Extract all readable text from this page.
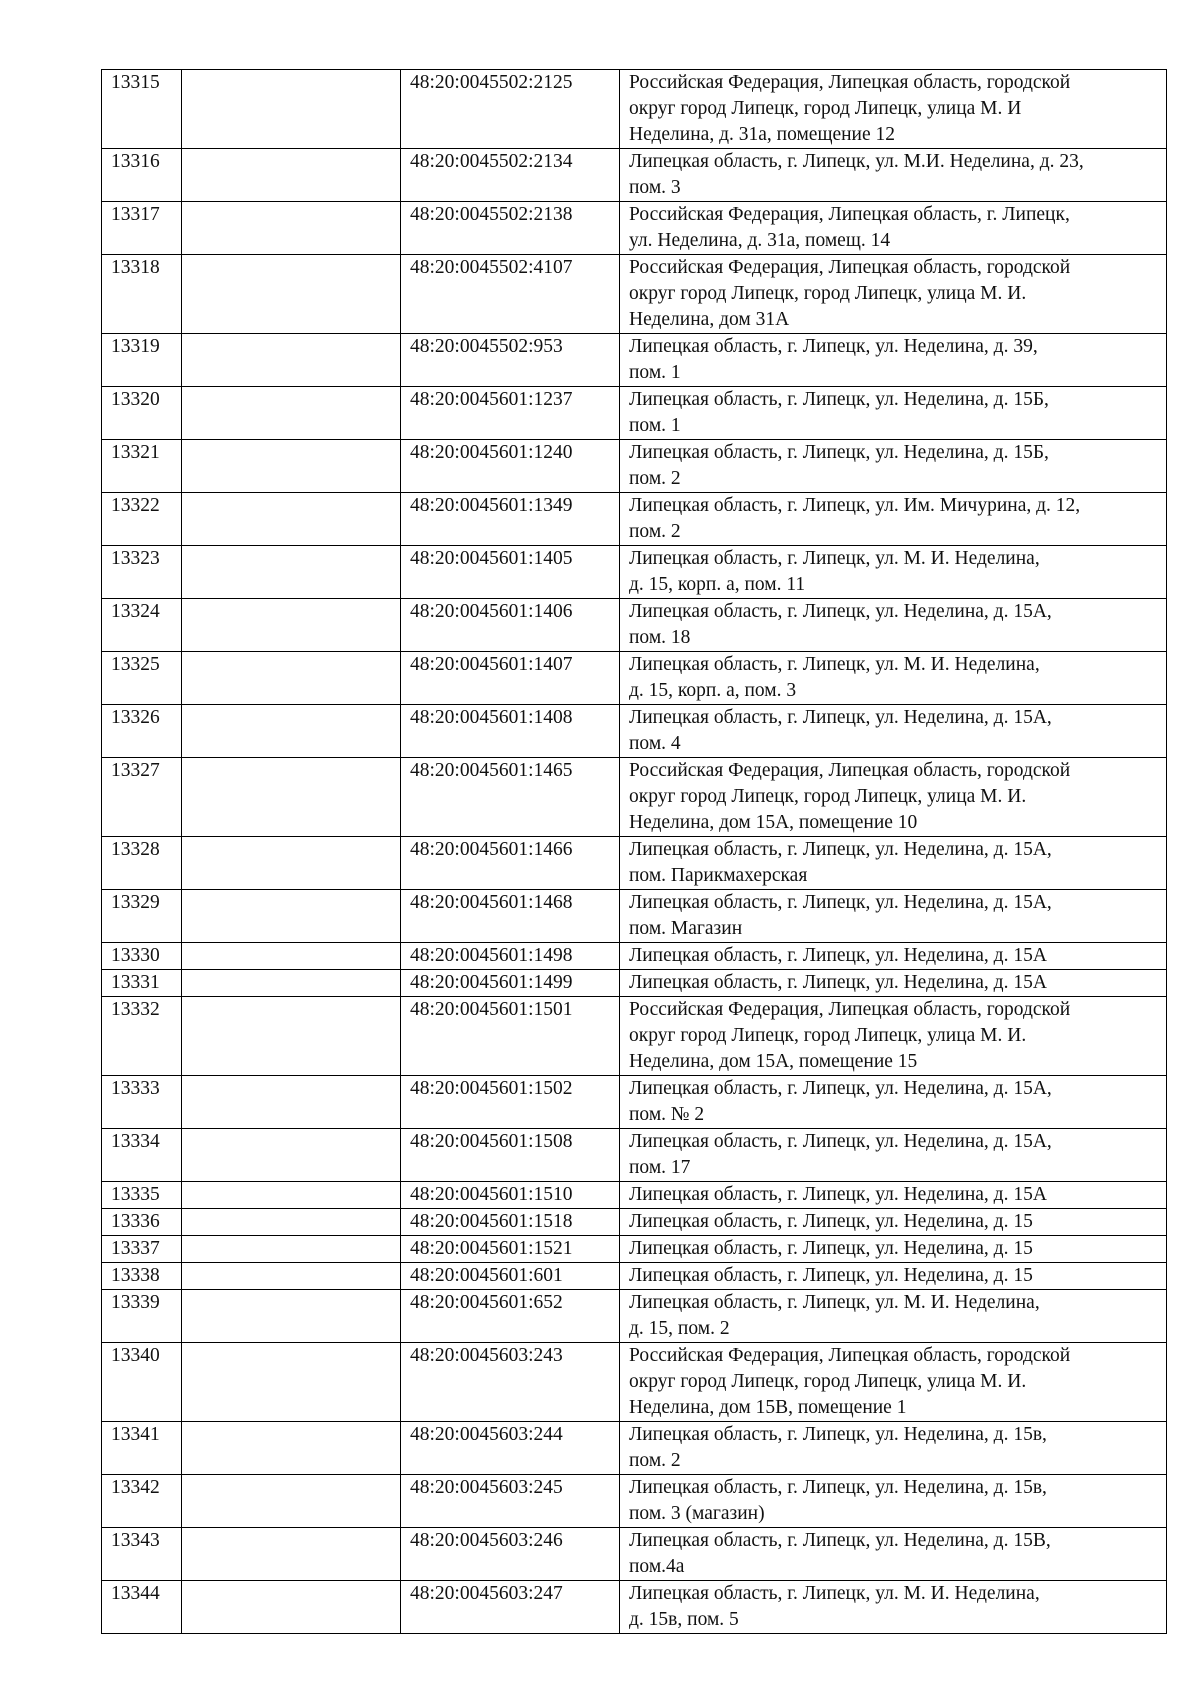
13315		48:20:0045502:2125	Российская Федерация, Липецкая область, городской
округ город Липецк, город Липецк, улица М. И
Неделина, д. 31а, помещение 12

13316		48:20:0045502:2134	Липецкая область, г. Липецк, ул. М.И. Неделина, д. 23,
пом. 3

13317		48:20:0045502:2138	Российская Федерация, Липецкая область, г. Липецк,
ул. Неделина, д. 31а, помещ. 14

13318		48:20:0045502:4107	Российская Федерация, Липецкая область, городской
округ город Липецк, город Липецк, улица М. И.
Неделина, дом 31А

13319		48:20:0045502:953	Липецкая область, г. Липецк, ул. Неделина, д. 39,
пом. 1

13320		48:20:0045601:1237	Липецкая область, г. Липецк, ул. Неделина, д. 15Б,
пом. 1

13321		48:20:0045601:1240	Липецкая область, г. Липецк, ул. Неделина, д. 15Б,
пом. 2

13322		48:20:0045601:1349	Липецкая область, г. Липецк, ул. Им. Мичурина, д. 12,
пом. 2

13323		48:20:0045601:1405	Липецкая область, г. Липецк, ул. М. И. Неделина,
д. 15, корп. а, пом. 11

13324		48:20:0045601:1406	Липецкая область, г. Липецк, ул. Неделина, д. 15А,
пом. 18

13325		48:20:0045601:1407	Липецкая область, г. Липецк, ул. М. И. Неделина,
д. 15, корп. а, пом. 3

13326		48:20:0045601:1408	Липецкая область, г. Липецк, ул. Неделина, д. 15А,
пом. 4

13327		48:20:0045601:1465	Российская Федерация, Липецкая область, городской
округ город Липецк, город Липецк, улица М. И.
Неделина, дом 15А, помещение 10

13328		48:20:0045601:1466	Липецкая область, г. Липецк, ул. Неделина, д. 15А,
пом. Парикмахерская

13329		48:20:0045601:1468	Липецкая область, г. Липецк, ул. Неделина, д. 15А,
пом. Магазин

13330		48:20:0045601:1498	Липецкая область, г. Липецк, ул. Неделина, д. 15А

13331		48:20:0045601:1499	Липецкая область, г. Липецк, ул. Неделина, д. 15А

13332		48:20:0045601:1501	Российская Федерация, Липецкая область, городской
округ город Липецк, город Липецк, улица М. И.
Неделина, дом 15А, помещение 15

13333		48:20:0045601:1502	Липецкая область, г. Липецк, ул. Неделина, д. 15А,
пом. № 2

13334		48:20:0045601:1508	Липецкая область, г. Липецк, ул. Неделина, д. 15А,
пом. 17

13335		48:20:0045601:1510	Липецкая область, г. Липецк, ул. Неделина, д. 15А

13336		48:20:0045601:1518	Липецкая область, г. Липецк, ул. Неделина, д. 15

13337		48:20:0045601:1521	Липецкая область, г. Липецк, ул. Неделина, д. 15

13338		48:20:0045601:601	Липецкая область, г. Липецк, ул. Неделина, д. 15

13339		48:20:0045601:652	Липецкая область, г. Липецк, ул. М. И. Неделина,
д. 15, пом. 2

13340		48:20:0045603:243	Российская Федерация, Липецкая область, городской
округ город Липецк, город Липецк, улица М. И.
Неделина, дом 15В, помещение 1

13341		48:20:0045603:244	Липецкая область, г. Липецк, ул. Неделина, д. 15в,
пом. 2

13342		48:20:0045603:245	Липецкая область, г. Липецк, ул. Неделина, д. 15в,
пом. 3 (магазин)

13343		48:20:0045603:246	Липецкая область, г. Липецк, ул. Неделина, д. 15В,
пом.4а

13344		48:20:0045603:247	Липецкая область, г. Липецк, ул. М. И. Неделина,
д. 15в, пом. 5
